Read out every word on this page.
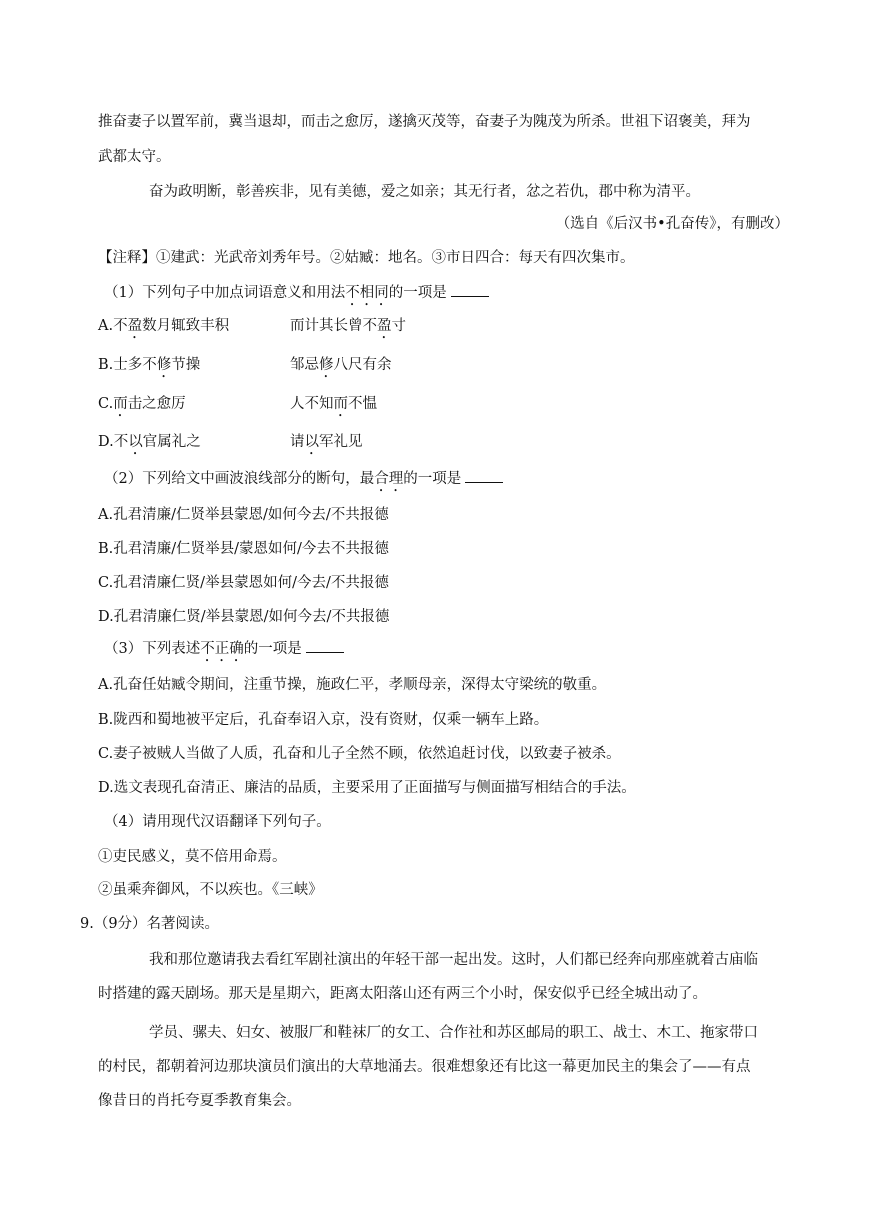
推奋妻子以置军前，冀当退却，而击之愈厉，遂擒灭茂等，奋妻子为隗茂为所杀。世祖下诏褒美，拜为
武都太守。
奋为政明断，彰善疾非，见有美德，爱之如亲；其无行者，忿之若仇，郡中称为清平。
（选自《后汉书•孔奋传》，有删改）
【注释】①建武：光武帝刘秀年号。②姑臧：地名。③市日四合：每天有四次集市。
（1）下列句子中加点词语意义和用法不相同的一项是
A.不盈数月辄致丰积	而计其长曾不盈寸
B.士多不修节操	邹忌修八尺有余
C.而击之愈厉	人不知而不愠
D.不以官属礼之	请以军礼见
（2）下列给文中画波浪线部分的断句，最合理的一项是
A.孔君清廉/仁贤举县蒙恩/如何今去/不共报德
B.孔君清廉/仁贤举县/蒙恩如何/今去不共报德
C.孔君清廉仁贤/举县蒙恩如何/今去/不共报德
D.孔君清廉仁贤/举县蒙恩/如何今去/不共报德
（3）下列表述不正确的一项是
A.孔奋任姑臧令期间，注重节操，施政仁平，孝顺母亲，深得太守梁统的敬重。
B.陇西和蜀地被平定后，孔奋奉诏入京，没有资财，仅乘一辆车上路。
C.妻子被贼人当做了人质，孔奋和儿子全然不顾，依然追赶讨伐，以致妻子被杀。
D.选文表现孔奋清正、廉洁的品质，主要采用了正面描写与侧面描写相结合的手法。
（4）请用现代汉语翻译下列句子。
①吏民感义，莫不倍用命焉。
②虽乘奔御风，不以疾也。《三峡》
9.（9分）名著阅读。
我和那位邀请我去看红军剧社演出的年轻干部一起出发。这时，人们都已经奔向那座就着古庙临
时搭建的露天剧场。那天是星期六，距离太阳落山还有两三个小时，保安似乎已经全城出动了。
学员、骡夫、妇女、被服厂和鞋袜厂的女工、合作社和苏区邮局的职工、战士、木工、拖家带口
的村民，都朝着河边那块演员们演出的大草地涌去。很难想象还有比这一幕更加民主的集会了——有点
像昔日的肖托夸夏季教育集会。
